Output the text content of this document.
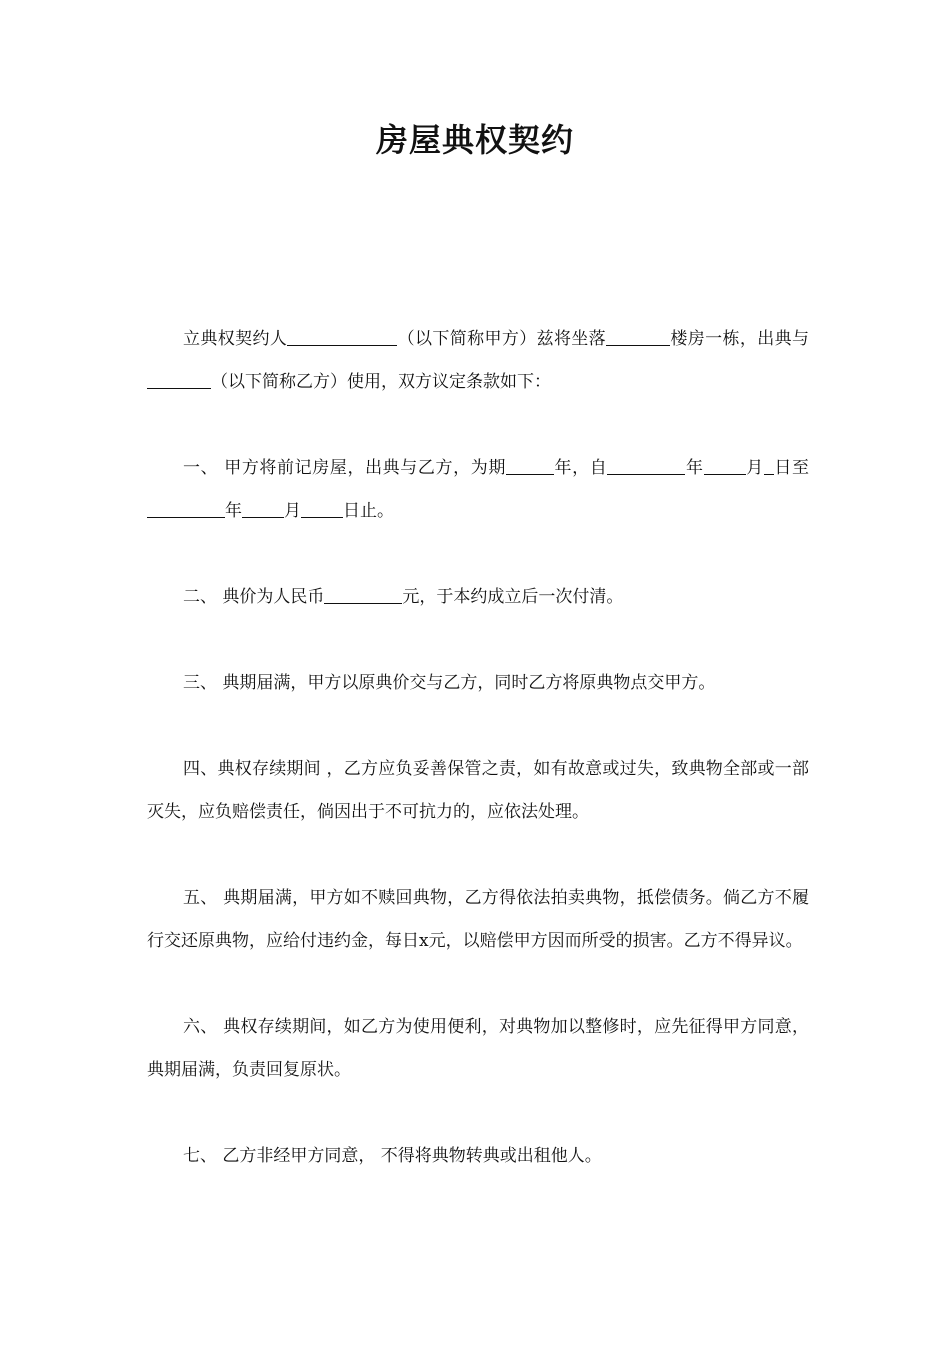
房屋典权契约

立典权契约人	（以下简称甲方）兹将坐落	楼房一栋，出典与（以下简称乙方）使用，双方议定条款如下：

一、 甲方将前记房屋，出典与乙方，为期	年，自	年 月 日至年 月 日止。

二、 典价为人民币	元，于本约成立后一次付清。

三、 典期届满，甲方以原典价交与乙方，同时乙方将原典物点交甲方。

四、典权存续期间 ，乙方应负妥善保管之责，如有故意或过失，致典物全部或一部灭失，应负赔偿责任，倘因出于不可抗力的，应依法处理。

五、 典期届满，甲方如不赎回典物，乙方得依法拍卖典物，抵偿债务。倘乙方不履行交还原典物，应给付违约金，每日x元，以赔偿甲方因而所受的损害。乙方不得异议。

六、 典权存续期间，如乙方为使用便利，对典物加以整修时，应先征得甲方同意，典期届满，负责回复原状。

七、 乙方非经甲方同意， 不得将典物转典或出租他人。
